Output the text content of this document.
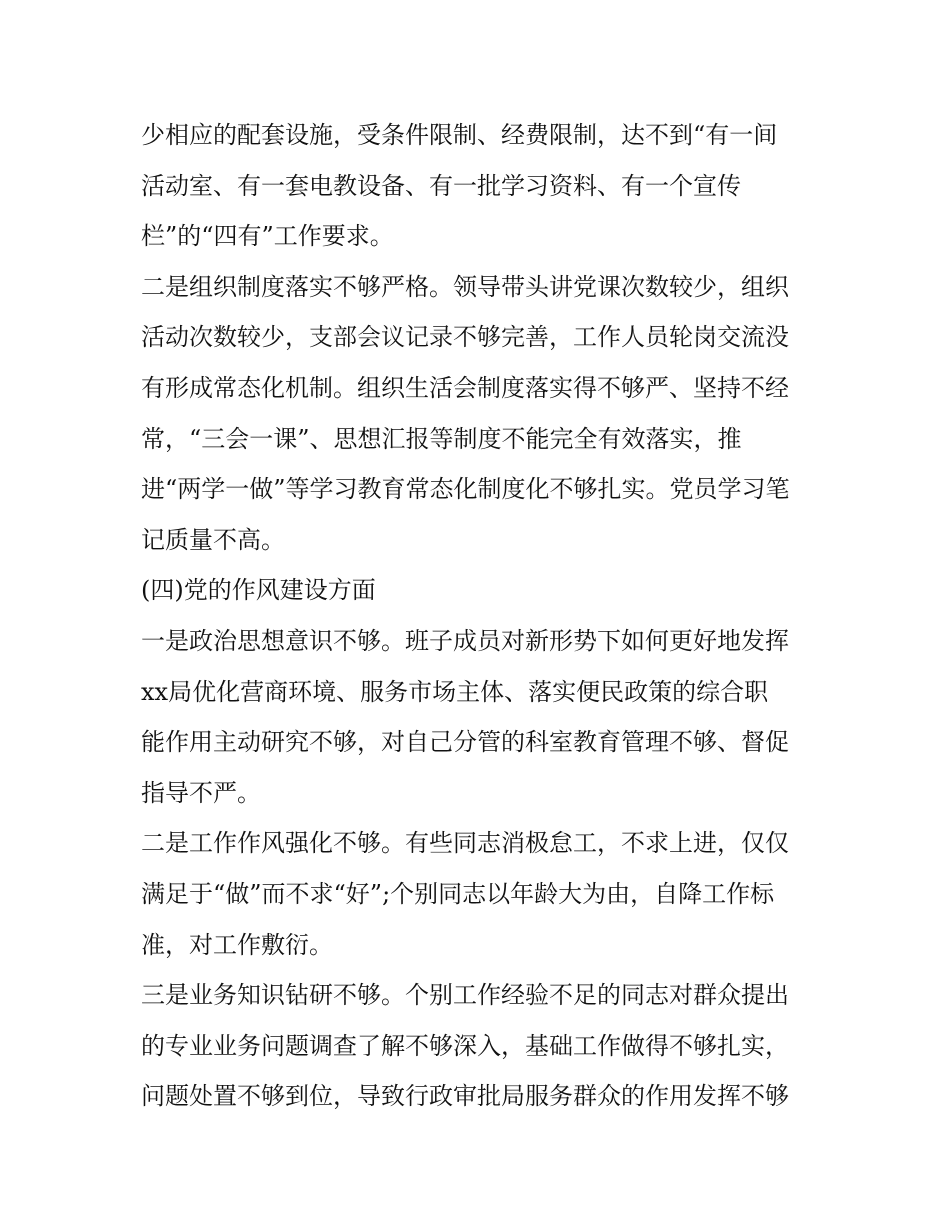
少相应的配套设施，受条件限制、经费限制，达不到“有一间
活动室、有一套电教设备、有一批学习资料、有一个宣传
栏”的“四有”工作要求。
二是组织制度落实不够严格。领导带头讲党课次数较少，组织
活动次数较少，支部会议记录不够完善，工作人员轮岗交流没
有形成常态化机制。组织生活会制度落实得不够严、坚持不经
常，“三会一课”、思想汇报等制度不能完全有效落实，推
进“两学一做”等学习教育常态化制度化不够扎实。党员学习笔
记质量不高。
(四)党的作风建设方面
一是政治思想意识不够。班子成员对新形势下如何更好地发挥
xx局优化营商环境、服务市场主体、落实便民政策的综合职
能作用主动研究不够，对自己分管的科室教育管理不够、督促
指导不严。
二是工作作风强化不够。有些同志消极怠工，不求上进，仅仅
满足于“做”而不求“好”;个别同志以年龄大为由，自降工作标
准，对工作敷衍。
三是业务知识钻研不够。个别工作经验不足的同志对群众提出
的专业业务问题调查了解不够深入，基础工作做得不够扎实，
问题处置不够到位，导致行政审批局服务群众的作用发挥不够
